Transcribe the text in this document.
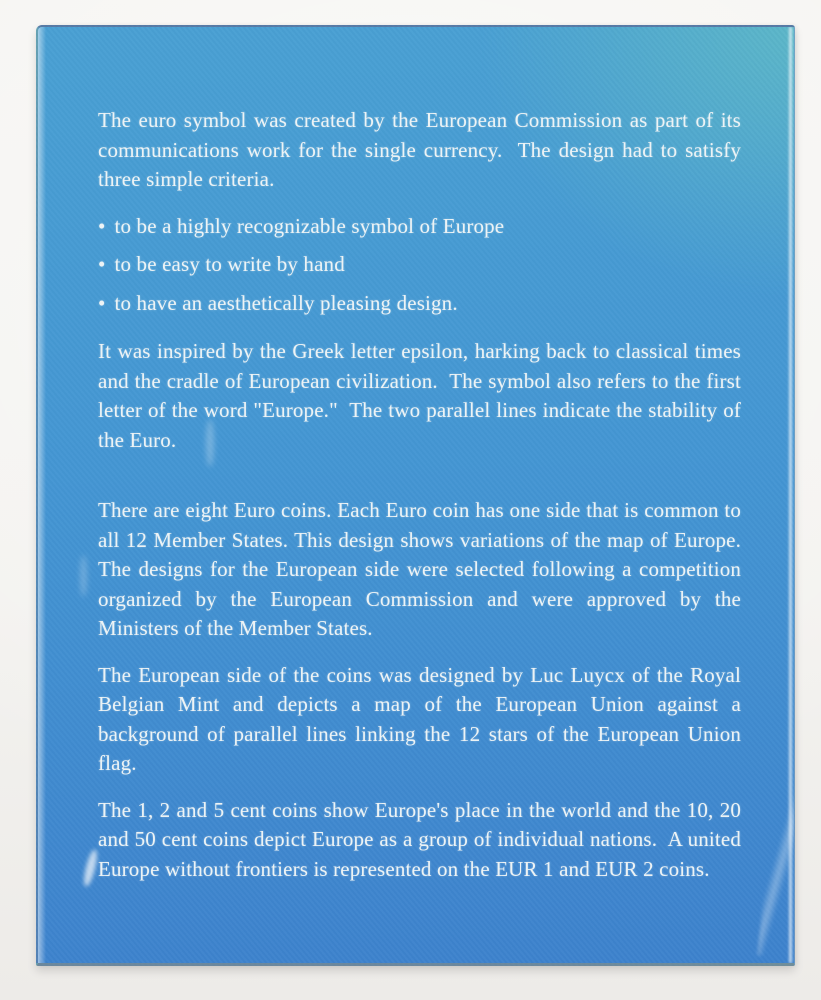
The euro symbol was created by the European Commission as part of its communications work for the single currency.  The design had to satisfy three simple criteria.

• to be a highly recognizable symbol of Europe
• to be easy to write by hand
• to have an aesthetically pleasing design.

It was inspired by the Greek letter epsilon, harking back to classical times and the cradle of European civilization.  The symbol also refers to the first letter of the word "Europe."  The two parallel lines indicate the stability of the Euro.

There are eight Euro coins. Each Euro coin has one side that is common to all 12 Member States. This design shows variations of the map of Europe. The designs for the European side were selected following a competition organized by the European Commission and were approved by the Ministers of the Member States.

The European side of the coins was designed by Luc Luycx of the Royal Belgian Mint and depicts a map of the European Union against a background of parallel lines linking the 12 stars of the European Union flag.

The 1, 2 and 5 cent coins show Europe's place in the world and the 10, 20 and 50 cent coins depict Europe as a group of individual nations.  A united Europe without frontiers is represented on the EUR 1 and EUR 2 coins.
